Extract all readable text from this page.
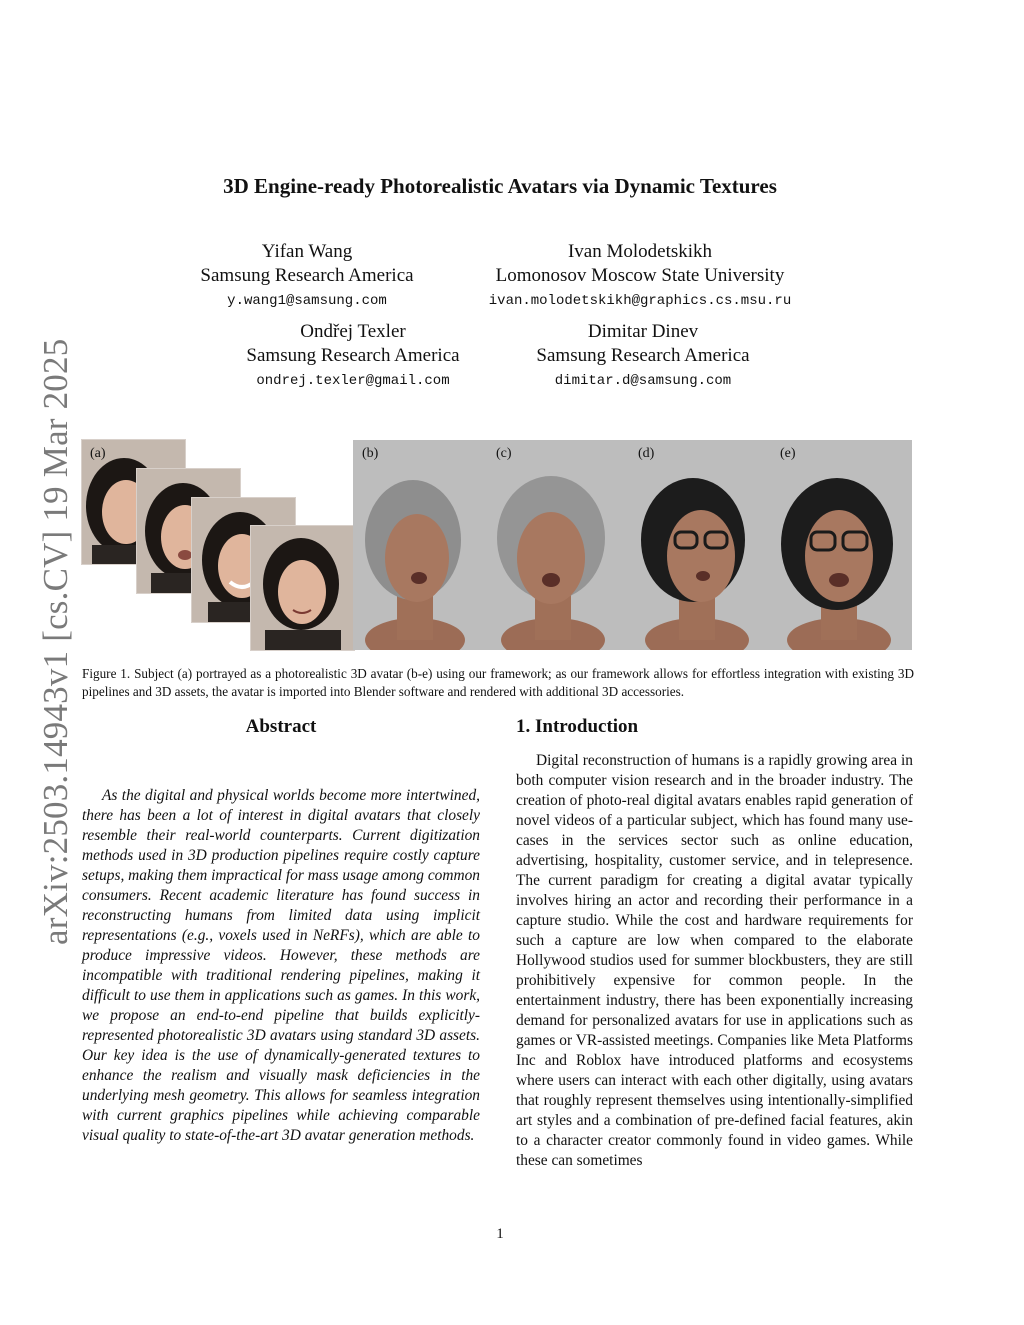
arXiv:2503.14943v1 [cs.CV] 19 Mar 2025
3D Engine-ready Photorealistic Avatars via Dynamic Textures
Yifan Wang
Samsung Research America
y.wang1@samsung.com
Ivan Molodetskikh
Lomonosov Moscow State University
ivan.molodetskikh@graphics.cs.msu.ru
Ondřej Texler
Samsung Research America
ondrej.texler@gmail.com
Dimitar Dinev
Samsung Research America
dimitar.d@samsung.com
(a)	(b)	(c)	(d)	(e)
Figure 1. Subject (a) portrayed as a photorealistic 3D avatar (b-e) using our framework; as our framework allows for effortless integration with existing 3D pipelines and 3D assets, the avatar is imported into Blender software and rendered with additional 3D accessories.
Abstract
As the digital and physical worlds become more intertwined, there has been a lot of interest in digital avatars that closely resemble their real-world counterparts. Current digitization methods used in 3D production pipelines require costly capture setups, making them impractical for mass usage among common consumers. Recent academic literature has found success in reconstructing humans from limited data using implicit representations (e.g., voxels used in NeRFs), which are able to produce impressive videos. However, these methods are incompatible with traditional rendering pipelines, making it difficult to use them in applications such as games. In this work, we propose an end-to-end pipeline that builds explicitly-represented photorealistic 3D avatars using standard 3D assets. Our key idea is the use of dynamically-generated textures to enhance the realism and visually mask deficiencies in the underlying mesh geometry. This allows for seamless integration with current graphics pipelines while achieving comparable visual quality to state-of-the-art 3D avatar generation methods.
1. Introduction
Digital reconstruction of humans is a rapidly growing area in both computer vision research and in the broader industry. The creation of photo-real digital avatars enables rapid generation of novel videos of a particular subject, which has found many use-cases in the services sector such as online education, advertising, hospitality, customer service, and in telepresence. The current paradigm for creating a digital avatar typically involves hiring an actor and recording their performance in a capture studio. While the cost and hardware requirements for such a capture are low when compared to the elaborate Hollywood studios used for summer blockbusters, they are still prohibitively expensive for common people. In the entertainment industry, there has been exponentially increasing demand for personalized avatars for use in applications such as games or VR-assisted meetings. Companies like Meta Platforms Inc and Roblox have introduced platforms and ecosystems where users can interact with each other digitally, using avatars that roughly represent themselves using intentionally-simplified art styles and a combination of pre-defined facial features, akin to a character creator commonly found in video games. While these can sometimes
1
